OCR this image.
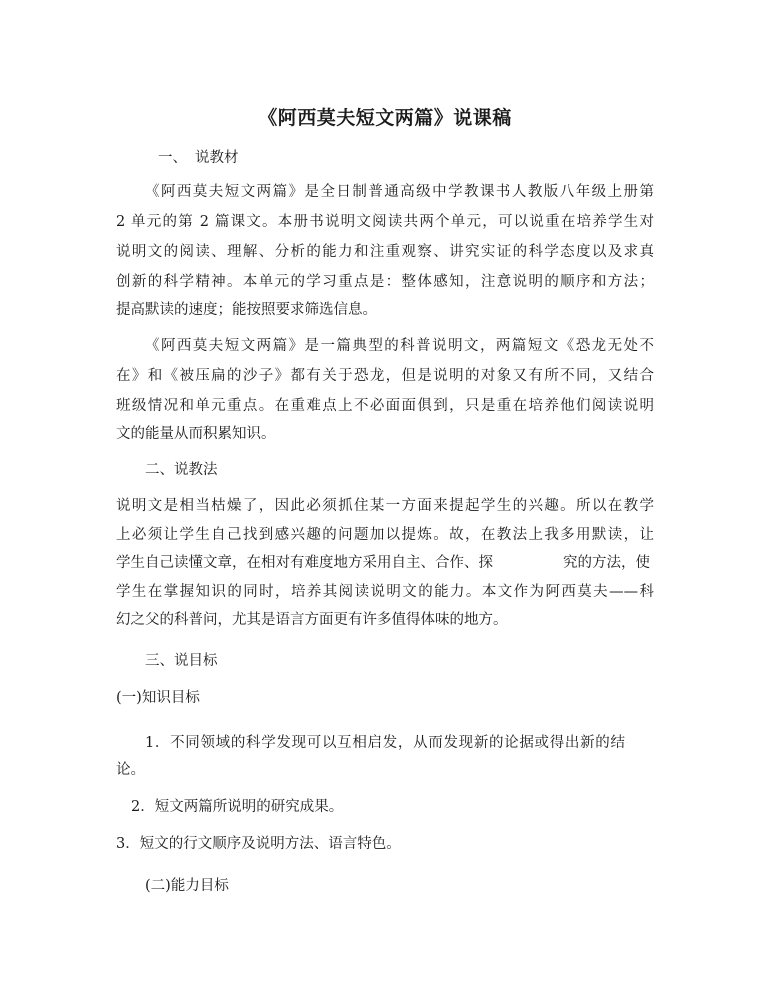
《阿西莫夫短文两篇》说课稿
一、 说教材
《阿西莫夫短文两篇》是全日制普通高级中学教课书人教版八年级上册第
2 单元的第 2 篇课文。本册书说明文阅读共两个单元，可以说重在培养学生对
说明文的阅读、理解、分析的能力和注重观察、讲究实证的科学态度以及求真
创新的科学精神。本单元的学习重点是：整体感知，注意说明的顺序和方法；
提高默读的速度；能按照要求筛选信息。
《阿西莫夫短文两篇》是一篇典型的科普说明文，两篇短文《恐龙无处不
在》和《被压扁的沙子》都有关于恐龙，但是说明的对象又有所不同，又结合
班级情况和单元重点。在重难点上不必面面俱到，只是重在培养他们阅读说明
文的能量从而积累知识。
二、说教法
说明文是相当枯燥了，因此必须抓住某一方面来提起学生的兴趣。所以在教学
上必须让学生自己找到感兴趣的问题加以提炼。故，在教法上我多用默读，让
学生自己读懂文章，在相对有难度地方采用自主、合作、探	究的方法，使
学生在掌握知识的同时，培养其阅读说明文的能力。本文作为阿西莫夫——科
幻之父的科普问，尤其是语言方面更有许多值得体味的地方。
三、说目标
(一)知识目标
1．不同领域的科学发现可以互相启发，从而发现新的论据或得出新的结
论。
2．短文两篇所说明的研究成果。
3．短文的行文顺序及说明方法、语言特色。
(二)能力目标
